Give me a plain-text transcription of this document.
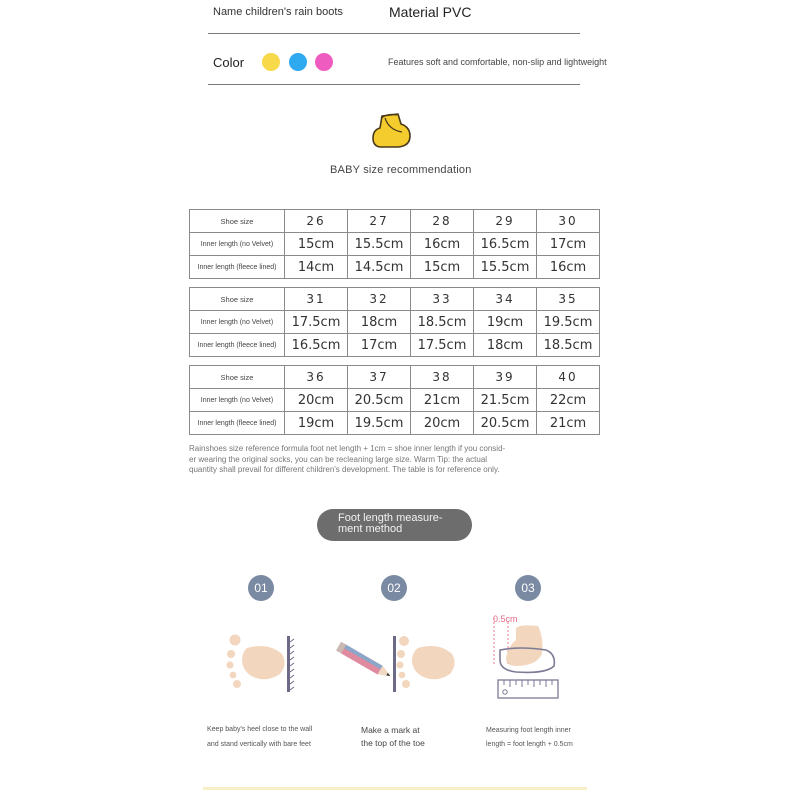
Name children's rain boots	Material PVC
Color	Features soft and comfortable, non-slip and lightweight
BABY size recommendation
Shoe size	26	27	28	29	30
Inner length (no Velvet)	15cm	15.5cm	16cm	16.5cm	17cm
Inner length (fleece lined)	14cm	14.5cm	15cm	15.5cm	16cm
Shoe size	31	32	33	34	35
Inner length (no Velvet)	17.5cm	18cm	18.5cm	19cm	19.5cm
Inner length (fleece lined)	16.5cm	17cm	17.5cm	18cm	18.5cm
Shoe size	36	37	38	39	40
Inner length (no Velvet)	20cm	20.5cm	21cm	21.5cm	22cm
Inner length (fleece lined)	19cm	19.5cm	20cm	20.5cm	21cm
Rainshoes size reference formula foot net length + 1cm = shoe inner length if you consid-
er wearing the original socks, you can be recleaning large size. Warm Tip: the actual
quantity shall prevail for different children's development. The table is for reference only.
Foot length measure-
ment method
01	02	03
0.5cm
Keep baby's heel close to the wall
and stand vertically with bare feet
Make a mark at
the top of the toe
Measuring foot length inner
length = foot length + 0.5cm
